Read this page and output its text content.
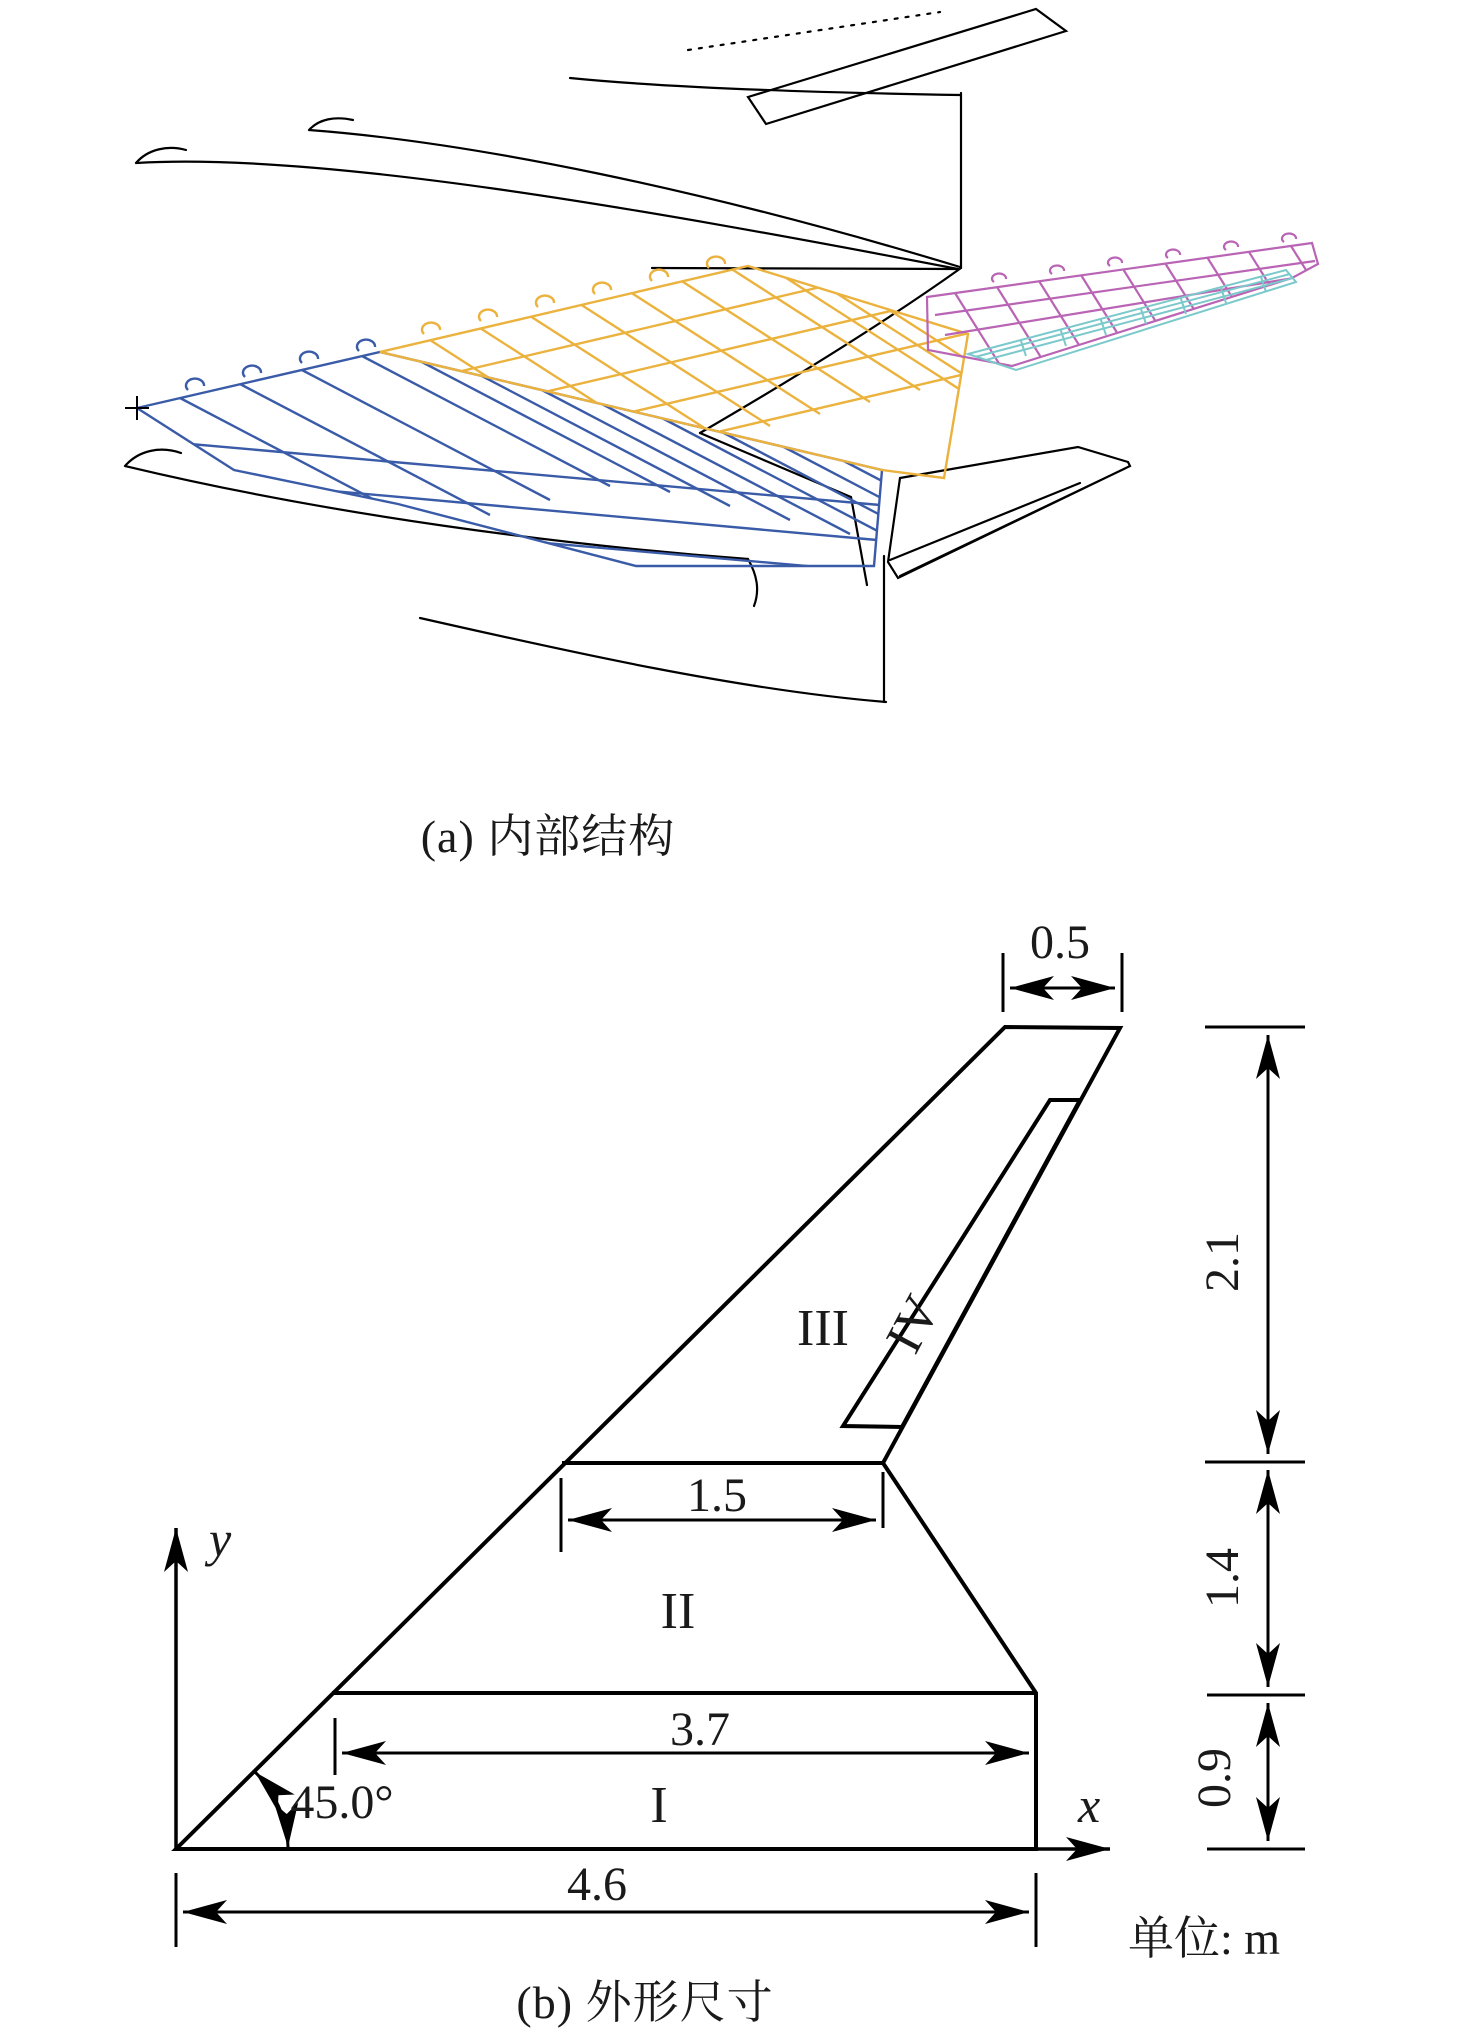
(a) 内部结构
y
x
0.5
2.1
1.4
0.9
1.5
3.7
4.6
45.0°	I
II
III IV
单位: m
(b) 外形尺寸
